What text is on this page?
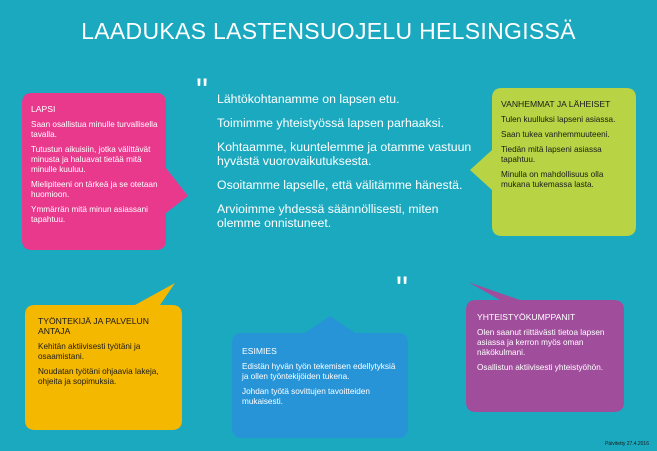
LAADUKAS LASTENSUOJELU HELSINGISSÄ
"
"

Lähtökohtanamme on lapsen etu.

Toimimme yhteistyössä lapsen parhaaksi.

Kohtaamme, kuuntelemme ja otamme vastuun hyvästä vuorovaikutuksesta.

Osoitamme lapselle, että välitämme hänestä.

Arvioimme yhdessä säännöllisesti, miten olemme onnistuneet.

LAPSI

Saan osallistua minulle turvallisella tavalla.

Tutustun aikuisiin, jotka välittävät minusta ja haluavat tietää mitä minulle kuuluu.

Mielipiteeni on tärkeä ja se otetaan huomioon.

Ymmärrän mitä minun asiassani tapahtuu.

VANHEMMAT JA LÄHEISET

Tulen kuulluksi lapseni asiassa.

Saan tukea vanhemmuuteeni.

Tiedän mitä lapseni asiassa tapahtuu.

Minulla on mahdollisuus olla mukana tukemassa lasta.

TYÖNTEKIJÄ JA PALVELUN ANTAJA

Kehitän aktiivisesti työtäni ja osaamistani.

Noudatan työtäni ohjaavia lakeja, ohjeita ja sopimuksia.

ESIMIES

Edistän hyvän työn tekemisen edellytyksiä ja ollen työntekijöiden tukena.

Johdan työtä sovittujen tavoitteiden mukaisesti.

YHTEISTYÖKUMPPANIT

Olen saanut riittävästi tietoa lapsen asiassa ja kerron myös oman näkökulmani.

Osallistun aktiivisesti yhteistyöhön.

Päivitetty 27.4.2016
